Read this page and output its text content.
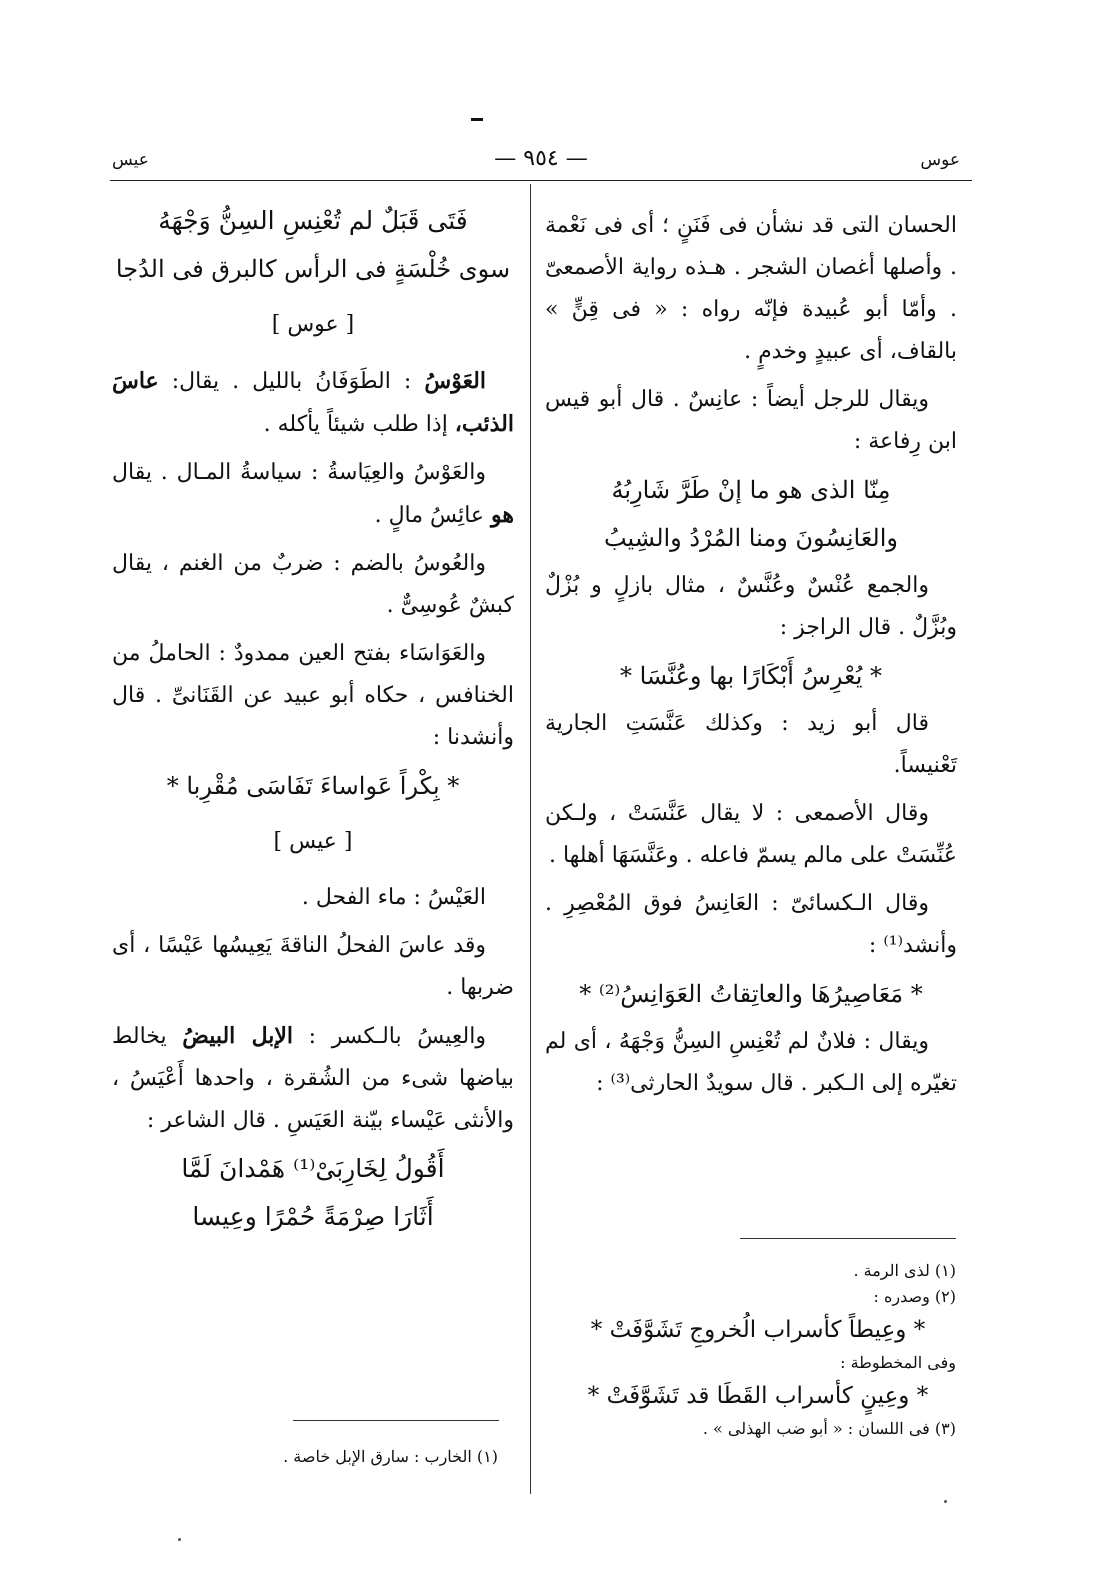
عوس
— ٩٥٤ —
عيس

الحسان التى قد نشأن فى فَنَنٍ ؛ أى فى نَعْمة . وأصلها أغصان الشجر . هـذه رواية الأصمعىّ . وأمّا أبو عُبيدة فإنّه رواه : « فى قِنٍّ » بالقاف، أى عبيدٍ وخدمٍ .

ويقال للرجل أيضاً : عانِسٌ . قال أبو قيس ابن رِفاعة :

مِنّا الذى هو ما إنْ طَرَّ شَارِبُهُ

والعَانِسُونَ ومنا المُرْدُ والشِيبُ

والجمع عُنْسٌ وعُنَّسٌ ، مثال بازلٍ و بُزْلٌ وبُزَّلٌ . قال الراجز :

* يُعْرِسُ أَبْكَارًا بها وعُنَّسَا *

قال أبو زيد : وكذلك عَنَّسَتِ الجارية تَعْنيساً.

وقال الأصمعى : لا يقال عَنَّسَتْ ، ولـكن عُنِّسَتْ على مالم يسمّ فاعله . وعَنَّسَهَا أهلها .

وقال الـكسائىّ : العَانِسُ فوق المُعْصِرِ . وأنشد⁽¹⁾ :

* مَعَاصِيرُهَا والعاتِقاتُ العَوَانِسُ⁽²⁾ *

ويقال : فلانٌ لم تُعْنِسِ السِنُّ وَجْهَهُ ، أى لم تغيّره إلى الـكبر . قال سويدٌ الحارثى⁽³⁾ :

فَتَى قَبَلٌ لم تُعْنِسِ السِنُّ وَجْهَهُ

سوى خُلْسَةٍ فى الرأس كالبرق فى الدُجا

[ عوس ]

العَوْسُ : الطَوَفَانُ بالليل . يقال: عاسَ الذئب، إذا طلب شيئاً يأكله .

والعَوْسُ والعِيَاسةُ : سياسةُ المـال . يقال هو عائِسُ مالٍ .

والعُوسُ بالضم : ضربٌ من الغنم ، يقال كبشٌ عُوسِىٌّ .

والعَوَاسَاء بفتح العين ممدودٌ : الحاملُ من الخنافس ، حكاه أبو عبيد عن القَنَانىِّ . قال وأنشدنا :

* بِكْراً عَواساءَ تَفَاسَى مُقْرِبا *

[ عيس ]

العَيْسُ : ماء الفحل .

وقد عاسَ الفحلُ الناقةَ يَعِيسُها عَيْسًا ، أى ضربها .

والعِيسُ بالـكسر : الإبل البيضُ يخالط بياضها شىء من الشُقرة ، واحدها أَعْيَسُ ، والأنثى عَيْساء بيّنة العَيَسِ . قال الشاعر :

أَقُولُ لِخَارِبَىْ⁽¹⁾ هَمْدانَ لَمَّا

أَثَارَا صِرْمَةً حُمْرًا وعِيسا

(١) لذى الرمة .
(٢) وصدره :
* وعِيطاً كأسراب الُخروجِ تَشَوَّفَتْ *
وفى المخطوطة :
* وعِينٍ كأسراب القَطَا قد تَشَوَّفَتْ *
(٣) فى اللسان : « أبو ضب الهذلى » .
(١) الخارب : سارق الإبل خاصة .
